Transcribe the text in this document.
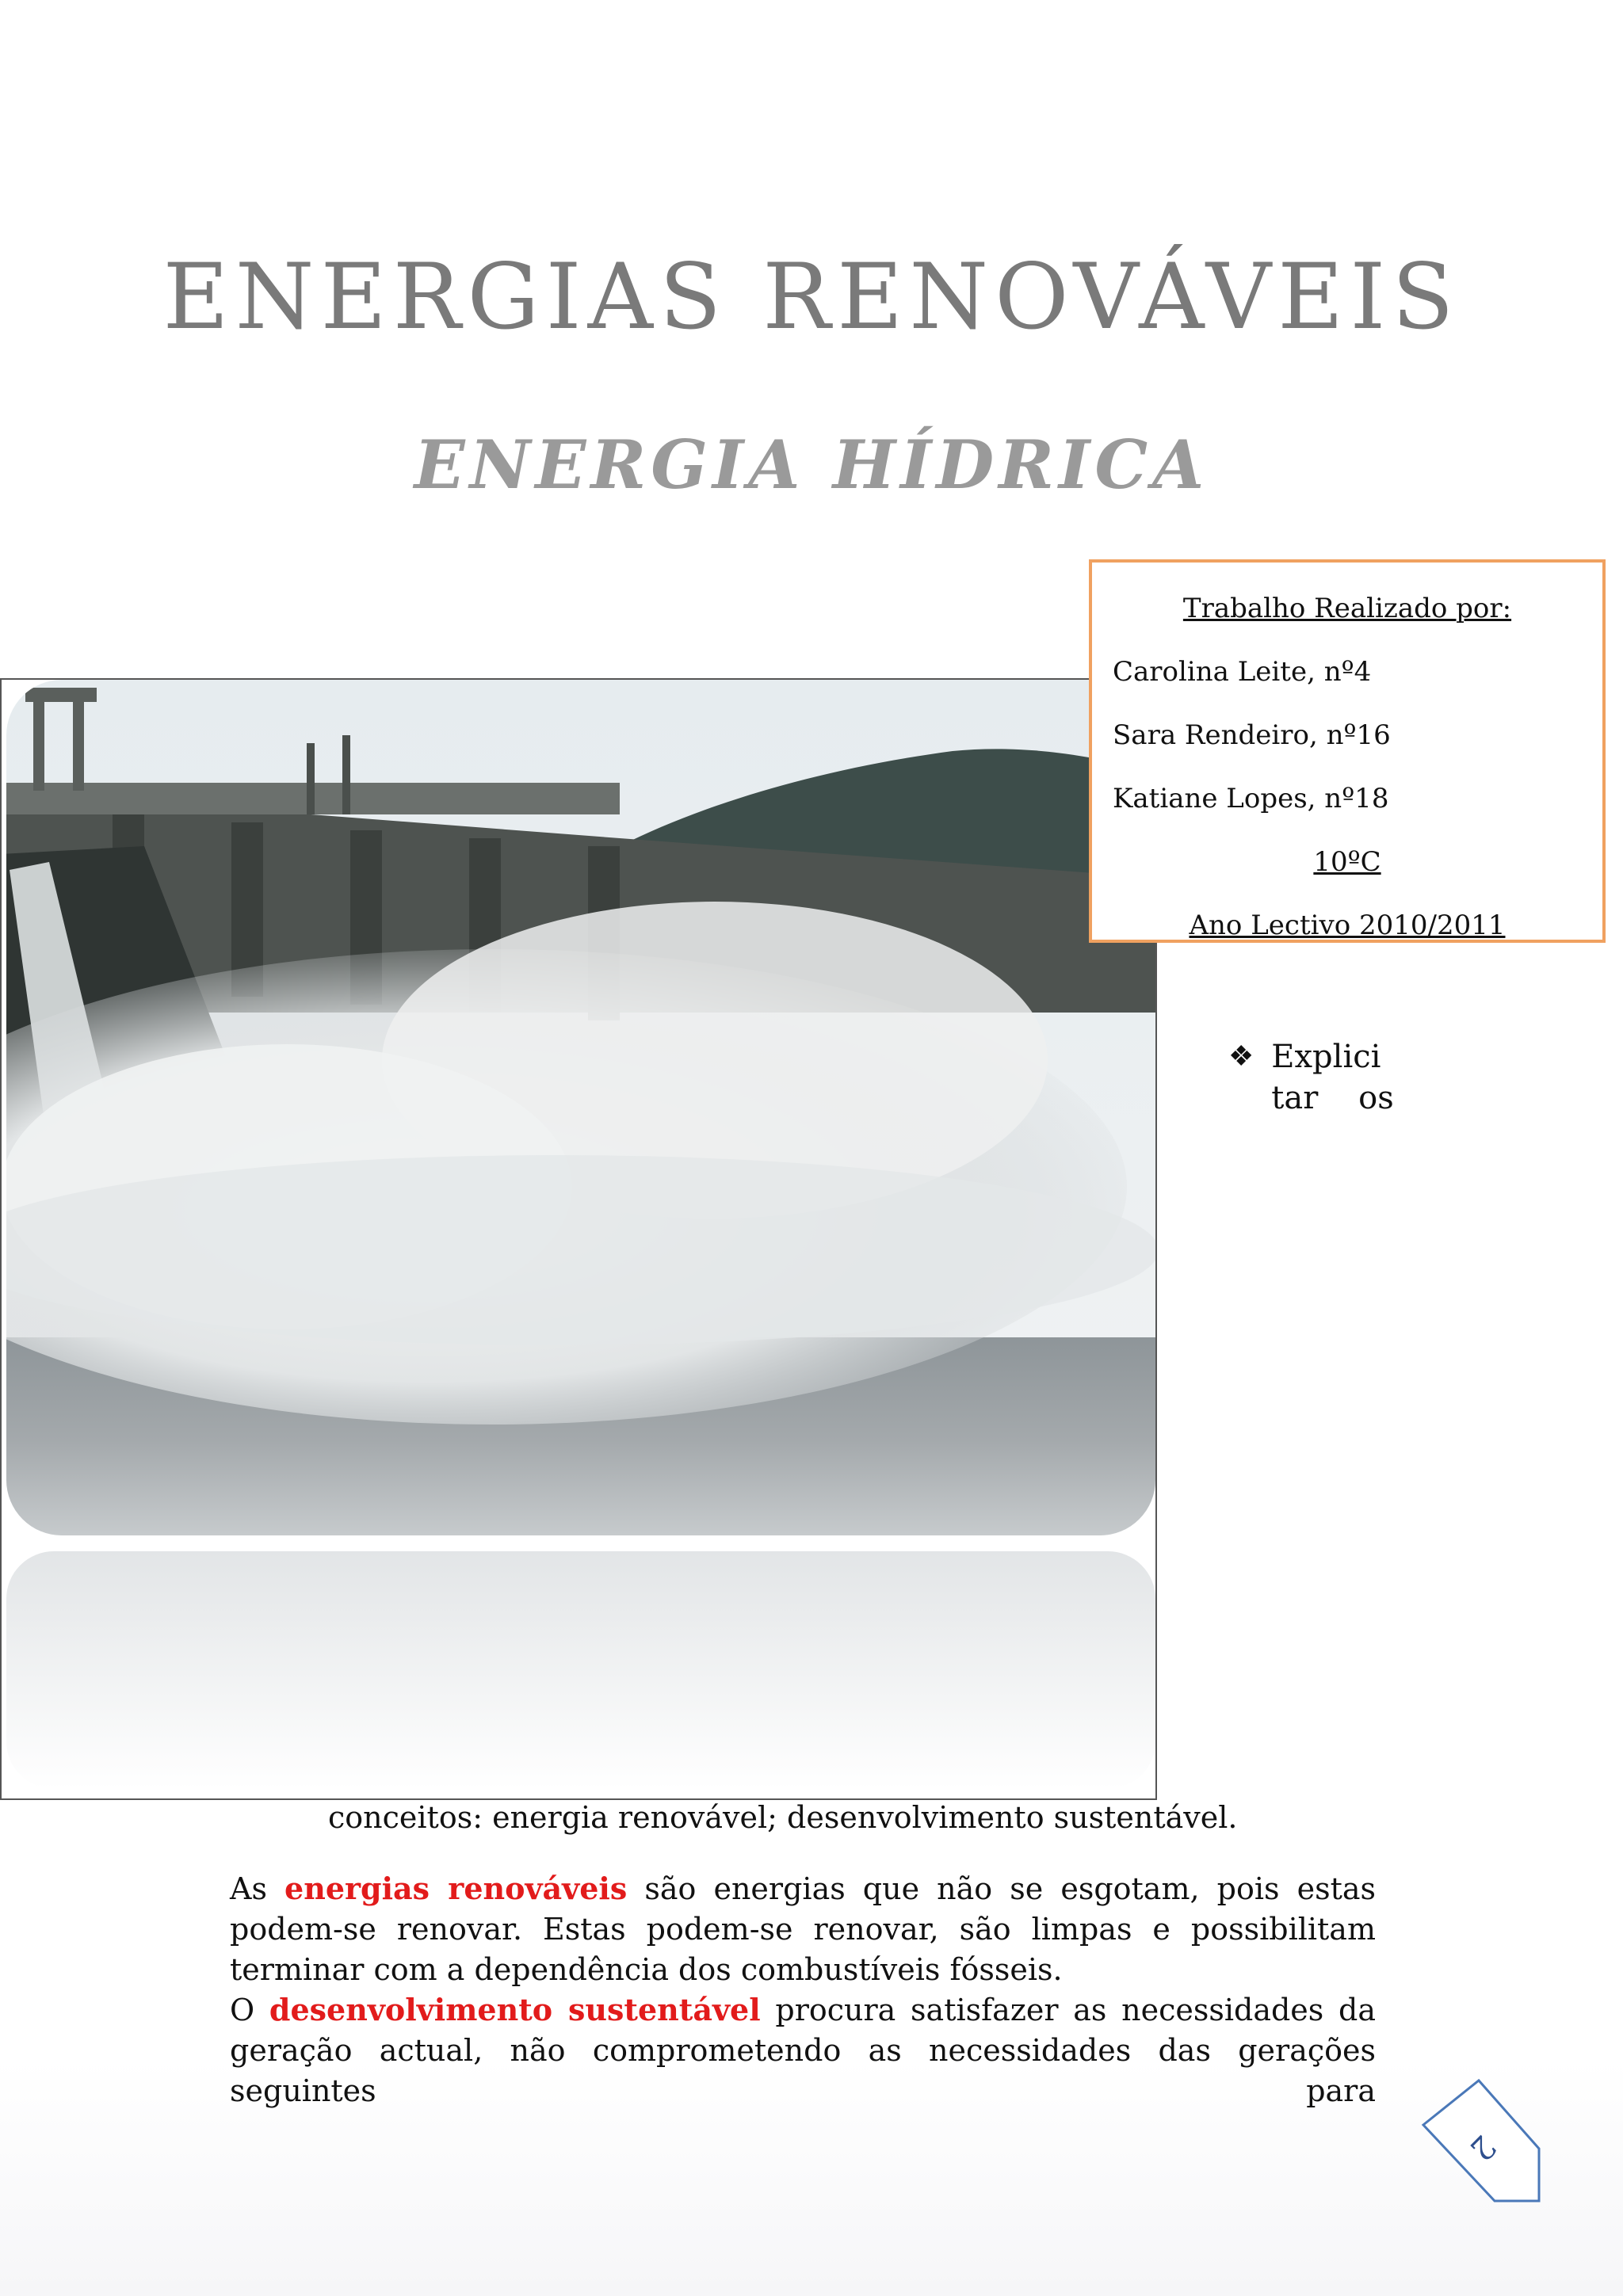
ENERGIAS RENOVÁVEIS
ENERGIA HÍDRICA

Trabalho Realizado por:

Carolina Leite, nº4

Sara Rendeiro, nº16

Katiane Lopes, nº18

10ºC

Ano Lectivo 2010/2011

❖ Explici
tar    os
conceitos: energia renovável; desenvolvimento sustentável.

As energias renováveis são energias que não se esgotam, pois estas podem-se renovar. Estas podem-se renovar, são limpas e possibilitam terminar com a dependência dos combustíveis fósseis.

O desenvolvimento sustentável procura satisfazer as necessidades da geração actual, não comprometendo as necessidades das gerações seguintes para

2
